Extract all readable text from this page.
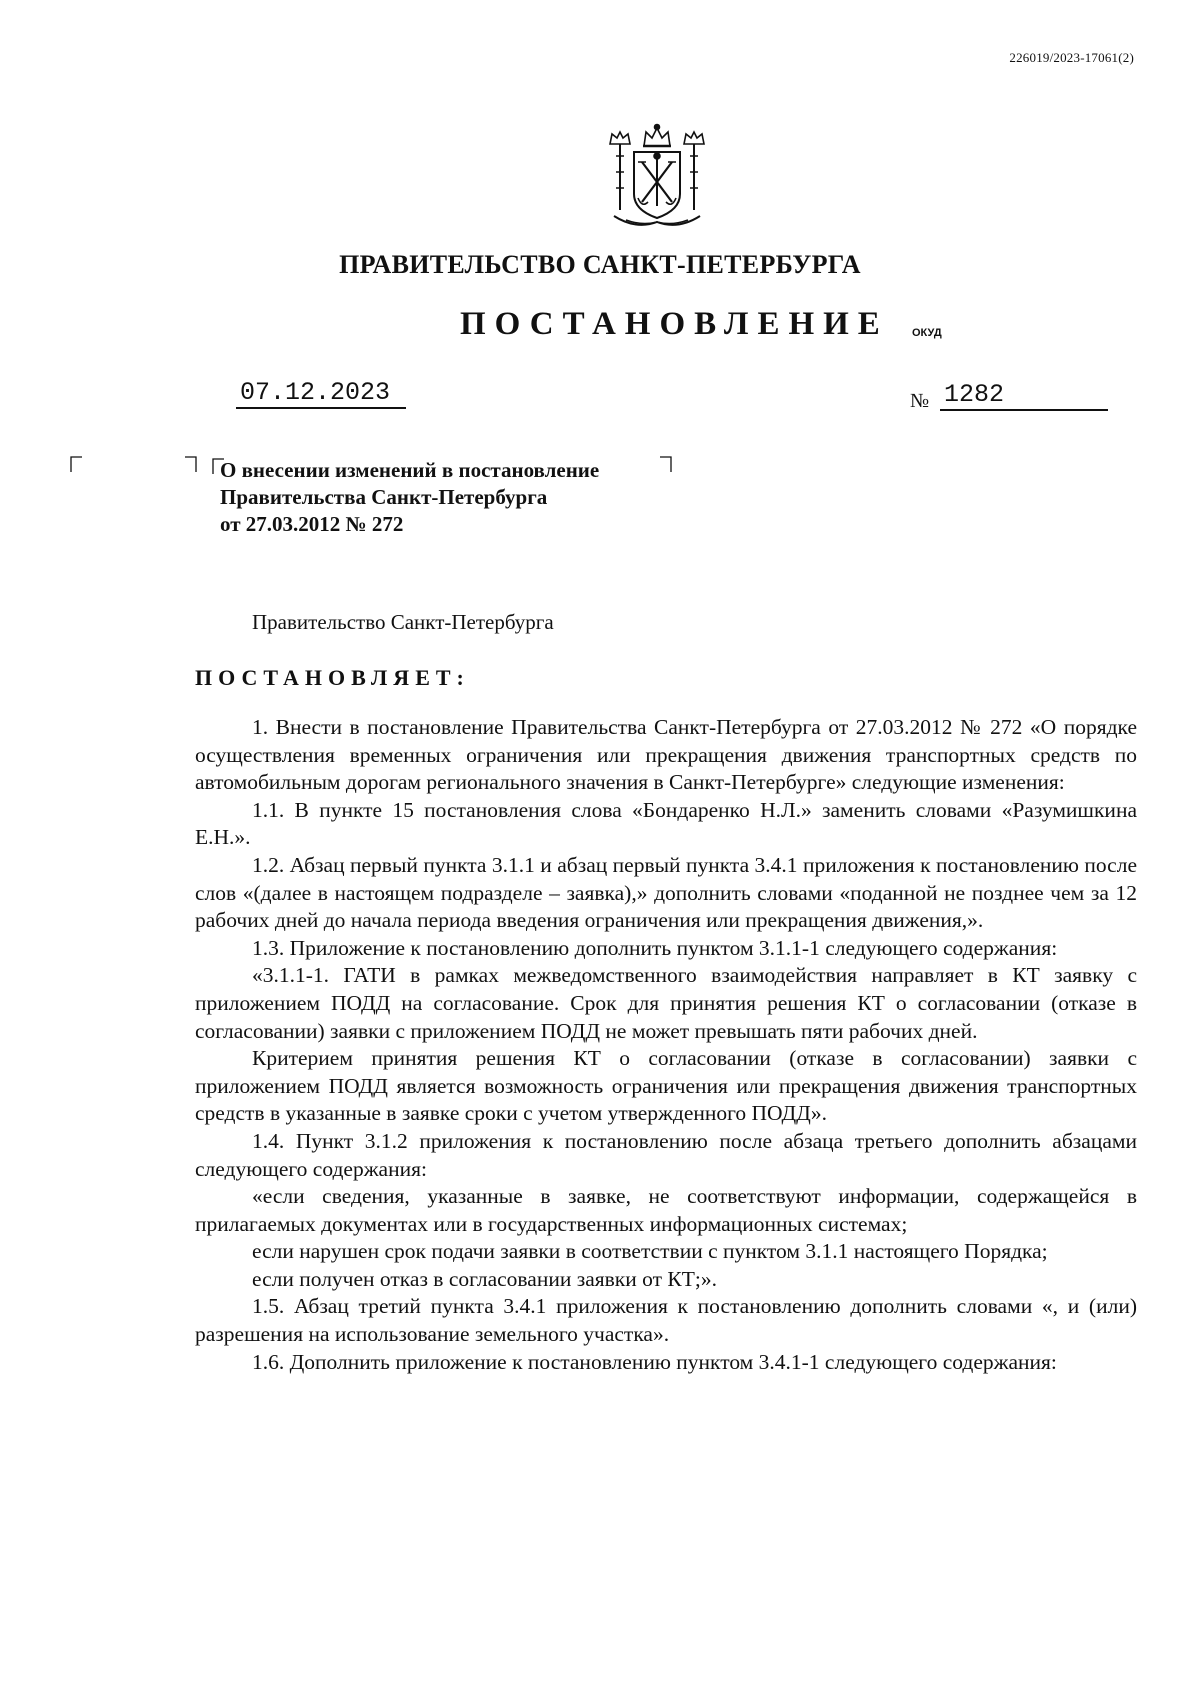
226019/2023-17061(2)
ПРАВИТЕЛЬСТВО САНКТ-ПЕТЕРБУРГА
ПОСТАНОВЛЕНИЕ ОКУД
07.12.2023	№ 1282
О внесении изменений в постановление
Правительства Санкт-Петербурга
от 27.03.2012 № 272
Правительство Санкт-Петербурга
ПОСТАНОВЛЯЕТ:

1. Внести в постановление Правительства Санкт-Петербурга от 27.03.2012 № 272 «О порядке осуществления временных ограничения или прекращения движения транспортных средств по автомобильным дорогам регионального значения в Санкт-Петербурге» следующие изменения:

1.1. В пункте 15 постановления слова «Бондаренко Н.Л.» заменить словами «Разумишкина Е.Н.».

1.2. Абзац первый пункта 3.1.1 и абзац первый пункта 3.4.1 приложения к постановлению после слов «(далее в настоящем подразделе – заявка),» дополнить словами «поданной не позднее чем за 12 рабочих дней до начала периода введения ограничения или прекращения движения,».

1.3. Приложение к постановлению дополнить пунктом 3.1.1-1 следующего содержания:

«3.1.1-1. ГАТИ в рамках межведомственного взаимодействия направляет в КТ заявку с приложением ПОДД на согласование. Срок для принятия решения КТ о согласовании (отказе в согласовании) заявки с приложением ПОДД не может превышать пяти рабочих дней.

Критерием принятия решения КТ о согласовании (отказе в согласовании) заявки с приложением ПОДД является возможность ограничения или прекращения движения транспортных средств в указанные в заявке сроки с учетом утвержденного ПОДД».

1.4. Пункт 3.1.2 приложения к постановлению после абзаца третьего дополнить абзацами следующего содержания:

«если сведения, указанные в заявке, не соответствуют информации, содержащейся в прилагаемых документах или в государственных информационных системах;

если нарушен срок подачи заявки в соответствии с пунктом 3.1.1 настоящего Порядка;

если получен отказ в согласовании заявки от КТ;».

1.5. Абзац третий пункта 3.4.1 приложения к постановлению дополнить словами «, и (или) разрешения на использование земельного участка».

1.6. Дополнить приложение к постановлению пунктом 3.4.1-1 следующего содержания:
